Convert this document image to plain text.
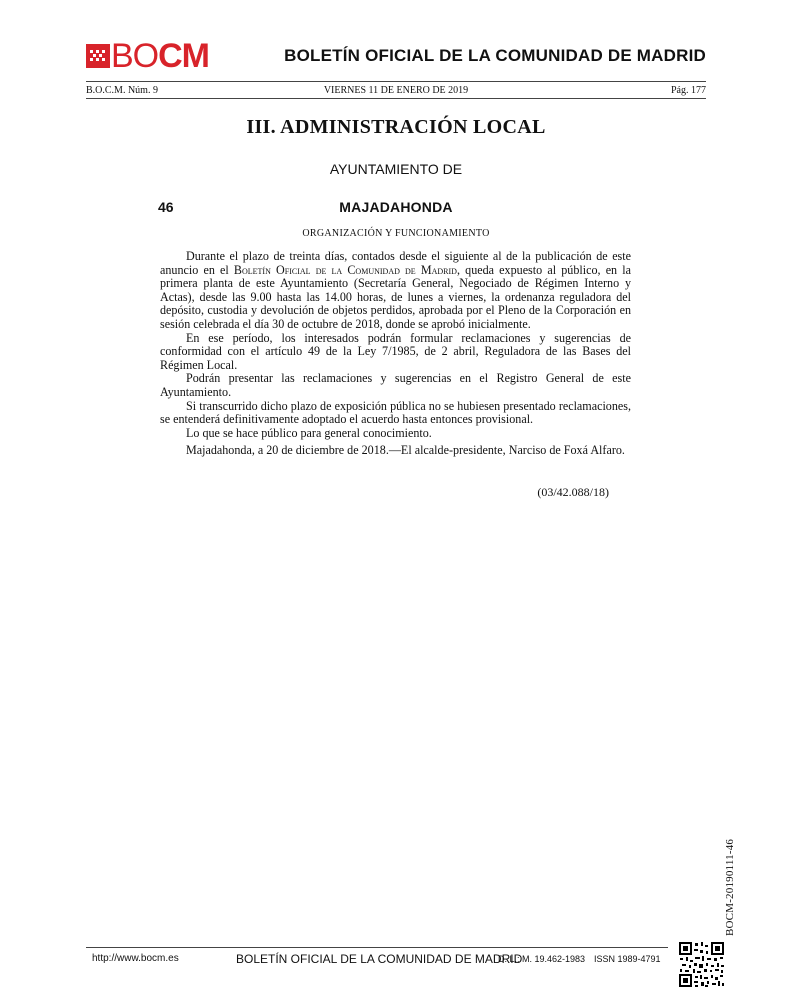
BOCM	BOLETÍN OFICIAL DE LA COMUNIDAD DE MADRID
B.O.C.M. Núm. 9	VIERNES 11 DE ENERO DE 2019	Pág. 177
III. ADMINISTRACIÓN LOCAL
AYUNTAMIENTO DE
46	MAJADAHONDA
ORGANIZACIÓN Y FUNCIONAMIENTO

Durante el plazo de treinta días, contados desde el siguiente al de la publicación de este anuncio en el Boletín Oficial de la Comunidad de Madrid, queda expuesto al público, en la primera planta de este Ayuntamiento (Secretaría General, Negociado de Régimen Interno y Actas), desde las 9.00 hasta las 14.00 horas, de lunes a viernes, la ordenanza reguladora del depósito, custodia y devolución de objetos perdidos, aprobada por el Pleno de la Corporación en sesión celebrada el día 30 de octubre de 2018, donde se aprobó inicialmente.

En ese período, los interesados podrán formular reclamaciones y sugerencias de conformidad con el artículo 49 de la Ley 7/1985, de 2 abril, Reguladora de las Bases del Régimen Local.

Podrán presentar las reclamaciones y sugerencias en el Registro General de este Ayuntamiento.

Si transcurrido dicho plazo de exposición pública no se hubiesen presentado reclamaciones, se entenderá definitivamente adoptado el acuerdo hasta entonces provisional.

Lo que se hace público para general conocimiento.

Majadahonda, a 20 de diciembre de 2018.—El alcalde-presidente, Narciso de Foxá Alfaro.

(03/42.088/18)
BOCM-20190111-46
http://www.bocm.es	BOLETÍN OFICIAL DE LA COMUNIDAD DE MADRID
D. L.: M. 19.462-1983 ISSN 1989-4791
